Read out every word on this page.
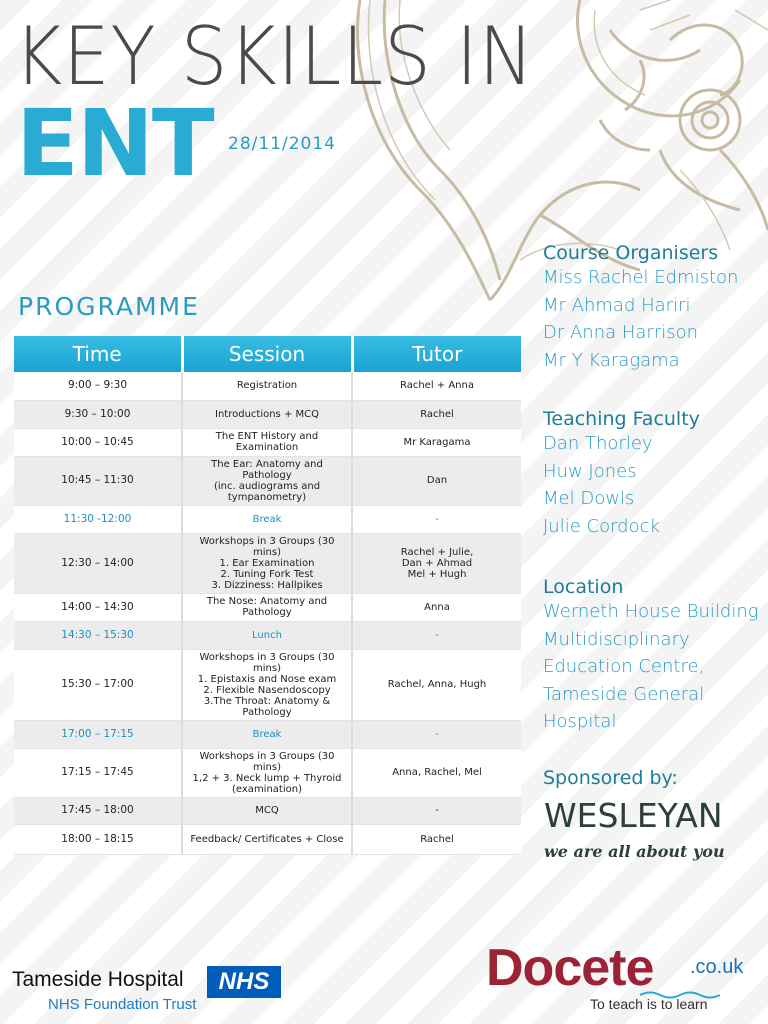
KEY SKILLS IN
ENT 28/11/2014
PROGRAMME
Time	Session	Tutor
9:00 – 9:30	Registration	Rachel + Anna
9:30 – 10:00	Introductions + MCQ	Rachel
10:00 – 10:45	The ENT History and Examination	Mr Karagama
10:45 – 11:30	The Ear: Anatomy and Pathology
(inc. audiograms and tympanometry)	Dan
11:30 -12:00	Break	-
12:30 – 14:00	Workshops in 3 Groups (30 mins)
1. Ear Examination
2. Tuning Fork Test
3. Dizziness: Hallpikes	Rachel + Julie,
Dan + Ahmad
Mel + Hugh
14:00 – 14:30	The Nose: Anatomy and Pathology	Anna
14:30 – 15:30	Lunch	-
15:30 – 17:00	Workshops in 3 Groups (30 mins)
1. Epistaxis and Nose exam
2. Flexible Nasendoscopy
3.The Throat: Anatomy & Pathology	Rachel, Anna, Hugh
17:00 – 17:15	Break	-
17:15 – 17:45	Workshops in 3 Groups (30 mins)
1,2 + 3. Neck lump + Thyroid
(examination)	Anna, Rachel, Mel
17:45 – 18:00	MCQ	-
18:00 – 18:15	Feedback/ Certificates + Close	Rachel
Course Organisers
Miss Rachel Edmiston
Mr Ahmad Hariri
Dr Anna Harrison
Mr Y Karagama
Teaching Faculty
Dan Thorley
Huw Jones
Mel Dowls
Julie Cordock
Location
Werneth House Building
Multidisciplinary
Education Centre,
Tameside General
Hospital
Sponsored by:
WESLEYAN
we are all about you
Tameside Hospital	NHS
NHS Foundation Trust
Docete .co.uk
To teach is to learn
